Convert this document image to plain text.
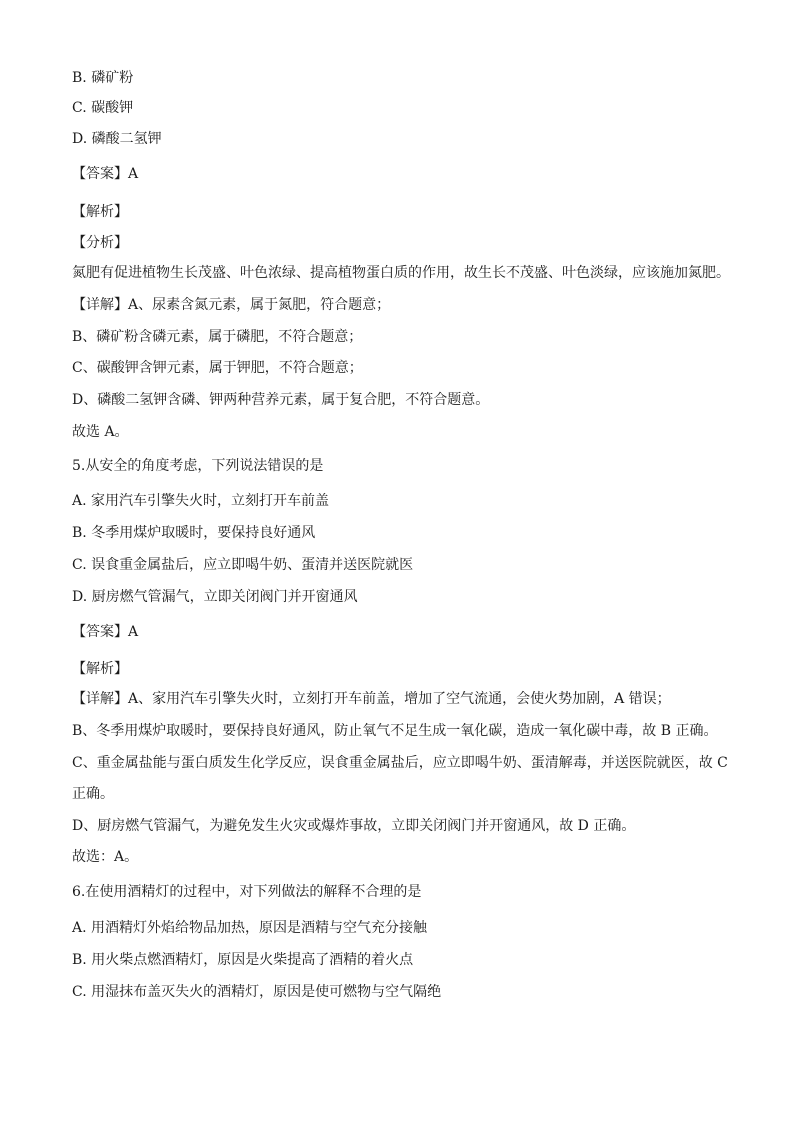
B. 磷矿粉
C. 碳酸钾
D. 磷酸二氢钾
【答案】A
【解析】
【分析】
氮肥有促进植物生长茂盛、叶色浓绿、提高植物蛋白质的作用，故生长不茂盛、叶色淡绿，应该施加氮肥。
【详解】A、尿素含氮元素，属于氮肥，符合题意；
B、磷矿粉含磷元素，属于磷肥，不符合题意；
C、碳酸钾含钾元素，属于钾肥，不符合题意；
D、磷酸二氢钾含磷、钾两种营养元素，属于复合肥，不符合题意。
故选 A。
5.从安全的角度考虑，下列说法错误的是
A. 家用汽车引擎失火时，立刻打开车前盖
B. 冬季用煤炉取暖时，要保持良好通风
C. 误食重金属盐后，应立即喝牛奶、蛋清并送医院就医
D. 厨房燃气管漏气，立即关闭阀门并开窗通风
【答案】A
【解析】
【详解】A、家用汽车引擎失火时，立刻打开车前盖，增加了空气流通，会使火势加剧，A 错误；
B、冬季用煤炉取暖时，要保持良好通风，防止氧气不足生成一氧化碳，造成一氧化碳中毒，故 B 正确。
C、重金属盐能与蛋白质发生化学反应，误食重金属盐后，应立即喝牛奶、蛋清解毒，并送医院就医，故 C
正确。
D、厨房燃气管漏气，为避免发生火灾或爆炸事故，立即关闭阀门并开窗通风，故 D 正确。
故选：A。
6.在使用酒精灯的过程中，对下列做法的解释不合理的是
A. 用酒精灯外焰给物品加热，原因是酒精与空气充分接触
B. 用火柴点燃酒精灯，原因是火柴提高了酒精的着火点
C. 用湿抹布盖灭失火的酒精灯，原因是使可燃物与空气隔绝
